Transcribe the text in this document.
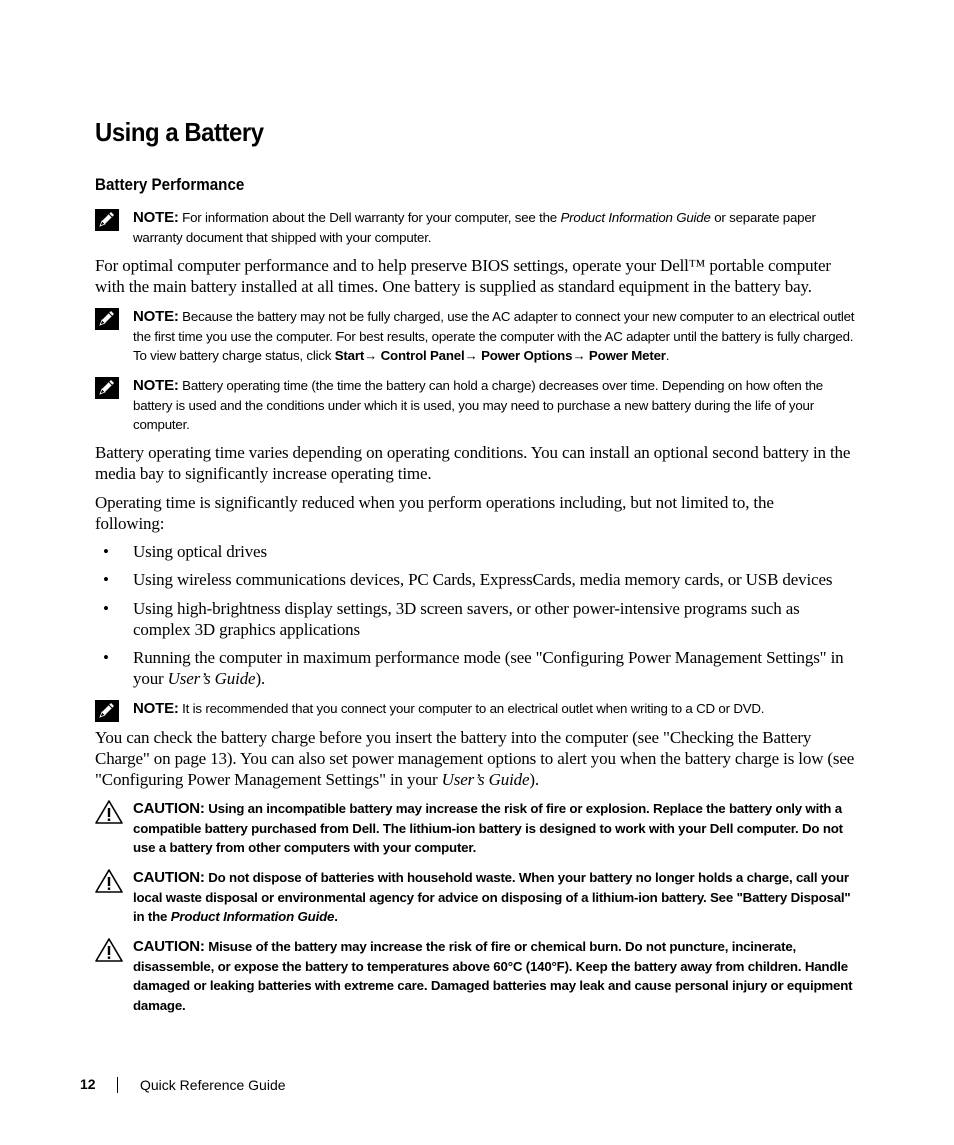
Using a Battery
Battery Performance
NOTE: For information about the Dell warranty for your computer, see the Product Information Guide or separate paper warranty document that shipped with your computer.
For optimal computer performance and to help preserve BIOS settings, operate your Dell™ portable computer with the main battery installed at all times. One battery is supplied as standard equipment in the battery bay.
NOTE: Because the battery may not be fully charged, use the AC adapter to connect your new computer to an electrical outlet the first time you use the computer. For best results, operate the computer with the AC adapter until the battery is fully charged. To view battery charge status, click Start→ Control Panel→ Power Options→ Power Meter.
NOTE: Battery operating time (the time the battery can hold a charge) decreases over time. Depending on how often the battery is used and the conditions under which it is used, you may need to purchase a new battery during the life of your computer.
Battery operating time varies depending on operating conditions. You can install an optional second battery in the media bay to significantly increase operating time.
Operating time is significantly reduced when you perform operations including, but not limited to, the following:
•	Using optical drives
•	Using wireless communications devices, PC Cards, ExpressCards, media memory cards, or USB devices
•	Using high-brightness display settings, 3D screen savers, or other power-intensive programs such as complex 3D graphics applications
•	Running the computer in maximum performance mode (see "Configuring Power Management Settings" in your User’s Guide).
NOTE: It is recommended that you connect your computer to an electrical outlet when writing to a CD or DVD.
You can check the battery charge before you insert the battery into the computer (see "Checking the Battery Charge" on page 13). You can also set power management options to alert you when the battery charge is low (see "Configuring Power Management Settings" in your User’s Guide).
CAUTION: Using an incompatible battery may increase the risk of fire or explosion. Replace the battery only with a compatible battery purchased from Dell. The lithium-ion battery is designed to work with your Dell computer. Do not use a battery from other computers with your computer.
CAUTION: Do not dispose of batteries with household waste. When your battery no longer holds a charge, call your local waste disposal or environmental agency for advice on disposing of a lithium-ion battery. See "Battery Disposal" in the Product Information Guide.
CAUTION: Misuse of the battery may increase the risk of fire or chemical burn. Do not puncture, incinerate, disassemble, or expose the battery to temperatures above 60°C (140°F). Keep the battery away from children. Handle damaged or leaking batteries with extreme care. Damaged batteries may leak and cause personal injury or equipment damage.
12	Quick Reference Guide
